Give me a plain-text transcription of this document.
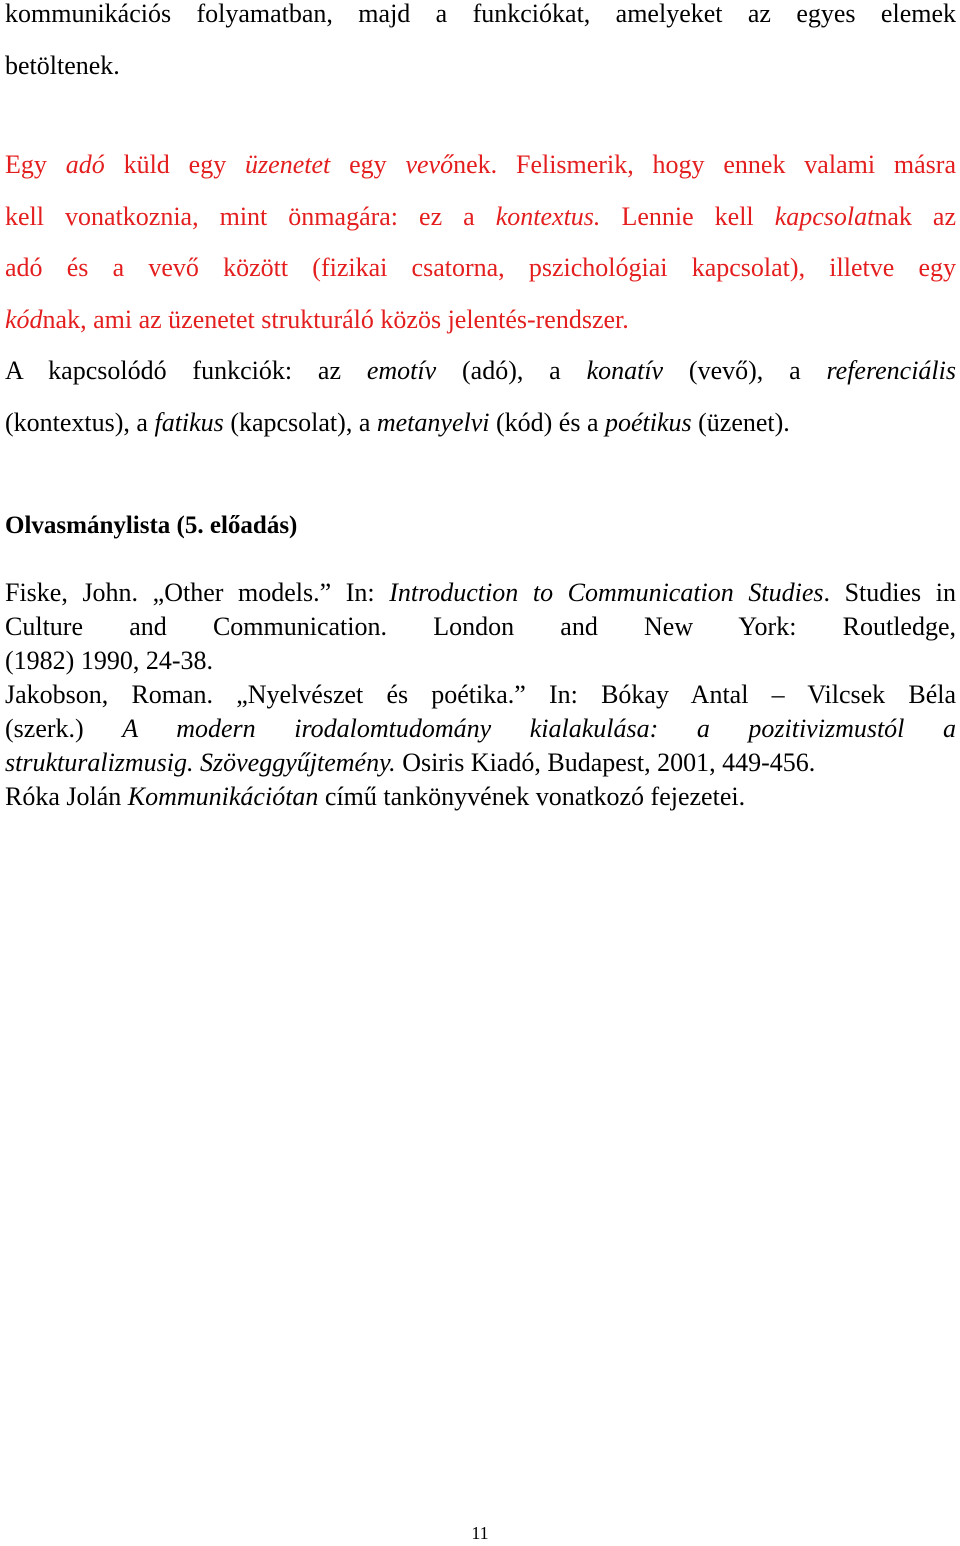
kommunikációs folyamatban, majd a funkciókat, amelyeket az egyes elemek

betöltenek.

Egy adó küld egy üzenetet egy vevőnek. Felismerik, hogy ennek valami másra

kell vonatkoznia, mint önmagára: ez a kontextus. Lennie kell kapcsolatnak az

adó és a vevő között (fizikai csatorna, pszichológiai kapcsolat), illetve egy

kódnak, ami az üzenetet strukturáló közös jelentés-rendszer.

A kapcsolódó funkciók: az emotív (adó), a konatív (vevő), a referenciális

(kontextus), a fatikus (kapcsolat), a metanyelvi (kód) és a poétikus (üzenet).

Olvasmánylista (5. előadás)

Fiske, John. „Other models.” In: Introduction to Communication Studies. Studies in Culture and Communication. London and New York: Routledge,

(1982) 1990, 24-38.

Jakobson, Roman. „Nyelvészet és poétika.” In: Bókay Antal – Vilcsek Béla

(szerk.) A modern irodalomtudomány kialakulása: a pozitivizmustól a

strukturalizmusig. Szöveggyűjtemény. Osiris Kiadó, Budapest, 2001, 449-456.

Róka Jolán Kommunikációtan című tankönyvének vonatkozó fejezetei.

11
